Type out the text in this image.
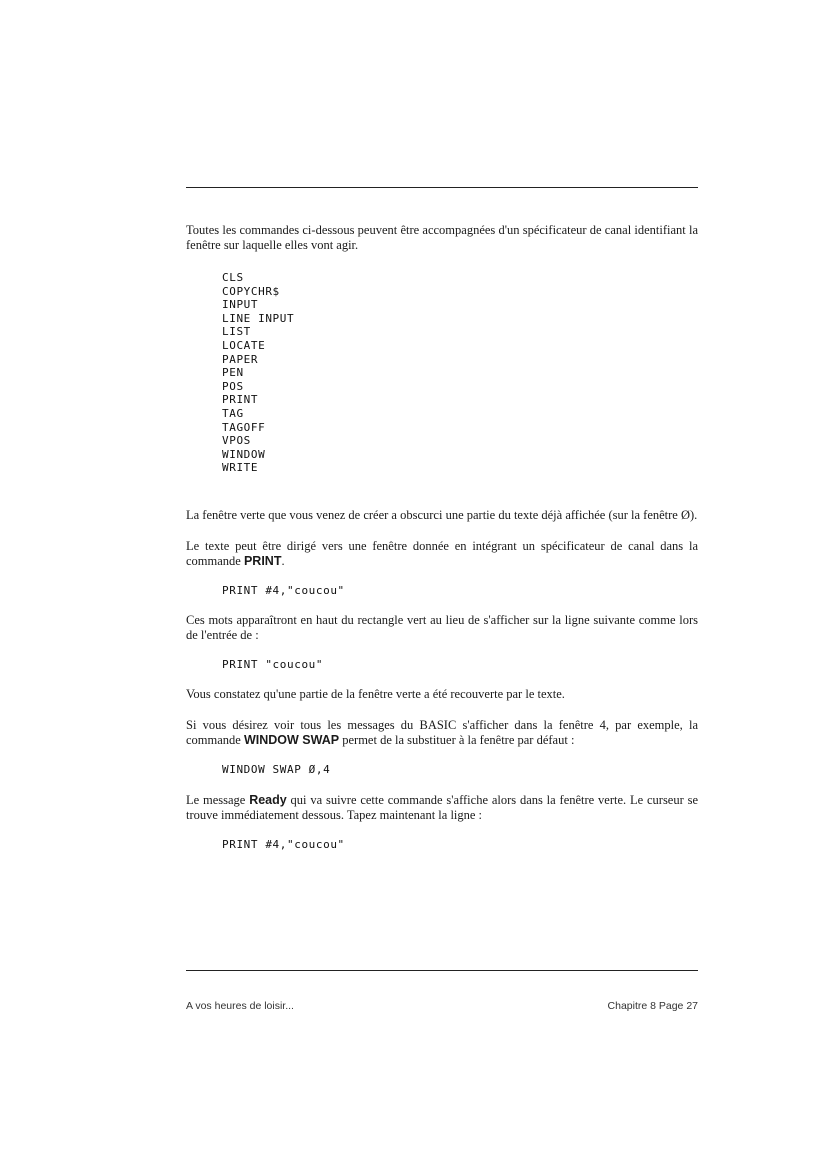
Toutes les commandes ci-dessous peuvent être accompagnées d'un spécificateur de canal identifiant la fenêtre sur laquelle elles vont agir.

CLS
COPYCHR$
INPUT
LINE INPUT
LIST
LOCATE
PAPER
PEN
POS
PRINT
TAG
TAGOFF
VPOS
WINDOW
WRITE

La fenêtre verte que vous venez de créer a obscurci une partie du texte déjà affichée (sur la fenêtre Ø).

Le texte peut être dirigé vers une fenêtre donnée en intégrant un spécificateur de canal dans la commande PRINT.

PRINT #4,"coucou"

Ces mots apparaîtront en haut du rectangle vert au lieu de s'afficher sur la ligne suivante comme lors de l'entrée de :

PRINT "coucou"

Vous constatez qu'une partie de la fenêtre verte a été recouverte par le texte.

Si vous désirez voir tous les messages du BASIC s'afficher dans la fenêtre 4, par exemple, la commande WINDOW SWAP permet de la substituer à la fenêtre par défaut :

WINDOW SWAP Ø,4

Le message Ready qui va suivre cette commande s'affiche alors dans la fenêtre verte. Le curseur se trouve immédiatement dessous. Tapez maintenant la ligne :

PRINT #4,"coucou"
A vos heures de loisir...	Chapitre 8 Page 27
